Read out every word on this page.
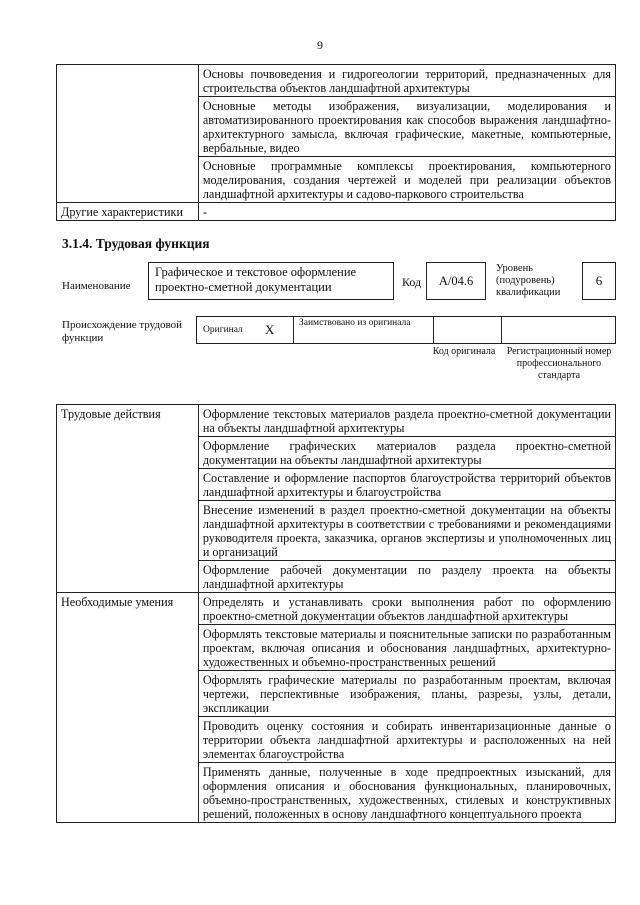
9
	Основы почвоведения и гидрогеологии территорий, предназначенных для строительства объектов ландшафтной архитектуры
	Основные методы изображения, визуализации, моделирования и автоматизированного проектирования как способов выражения ландшафтно-архитектурного замысла, включая графические, макетные, компьютерные, вербальные, видео
	Основные программные комплексы проектирования, компьютерного моделирования, создания чертежей и моделей при реализации объектов ландшафтной архитектуры и садово-паркового строительства
Другие характеристики	-
3.1.4. Трудовая функция
Наименование
Графическое и текстовое оформление проектно-сметной документации	Код	A/04.6
Уровень (подуровень) квалификации
6
Происхождение трудовой функции
Оригинал X	Заимствовано из оригинала
Код оригинала	Регистрационный номер профессионального стандарта
Трудовые действия	Оформление текстовых материалов раздела проектно-сметной документации на объекты ландшафтной архитектуры
	Оформление графических материалов раздела проектно-сметной документации на объекты ландшафтной архитектуры
	Составление и оформление паспортов благоустройства территорий объектов ландшафтной архитектуры и благоустройства
	Внесение изменений в раздел проектно-сметной документации на объекты ландшафтной архитектуры в соответствии с требованиями и рекомендациями руководителя проекта, заказчика, органов экспертизы и уполномоченных лиц и организаций
	Оформление рабочей документации по разделу проекта на объекты ландшафтной архитектуры
Необходимые умения	Определять и устанавливать сроки выполнения работ по оформлению проектно-сметной документации объектов ландшафтной архитектуры
	Оформлять текстовые материалы и пояснительные записки по разработанным проектам, включая описания и обоснования ландшафтных, архитектурно-художественных и объемно-пространственных решений
	Оформлять графические материалы по разработанным проектам, включая чертежи, перспективные изображения, планы, разрезы, узлы, детали, экспликации
	Проводить оценку состояния и собирать инвентаризационные данные о территории объекта ландшафтной архитектуры и расположенных на ней элементах благоустройства
	Применять данные, полученные в ходе предпроектных изысканий, для оформления описания и обоснования функциональных, планировочных, объемно-пространственных, художественных, стилевых и конструктивных решений, положенных в основу ландшафтного концептуального проекта
